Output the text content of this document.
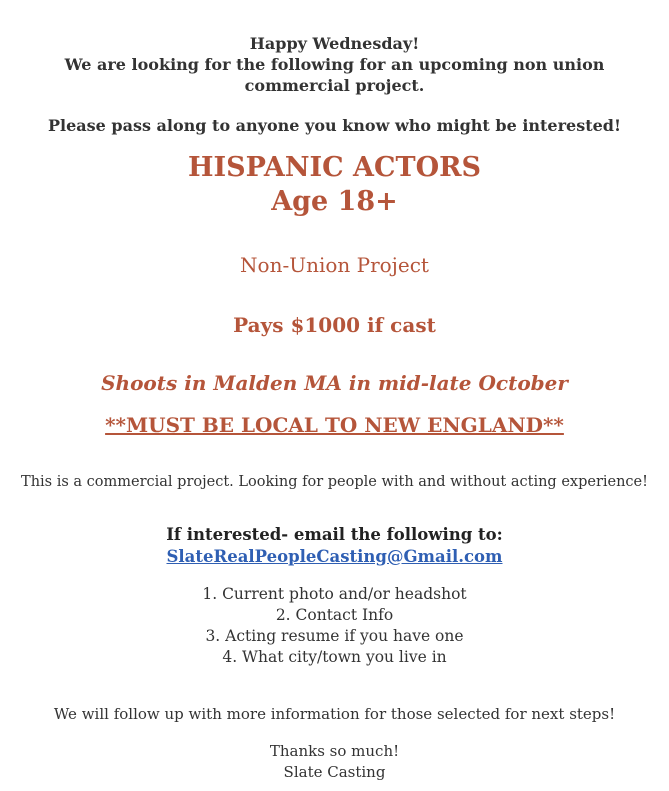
Happy Wednesday!
We are looking for the following for an upcoming non union
commercial project.
Please pass along to anyone you know who might be interested!
HISPANIC ACTORS
Age 18+
Non-Union Project
Pays $1000 if cast
Shoots in Malden MA in mid-late October
**MUST BE LOCAL TO NEW ENGLAND**
This is a commercial project. Looking for people with and without acting experience!
If interested- email the following to:
SlateRealPeopleCasting@Gmail.com
1. Current photo and/or headshot
2. Contact Info
3. Acting resume if you have one
4. What city/town you live in
We will follow up with more information for those selected for next steps!
Thanks so much!
Slate Casting
